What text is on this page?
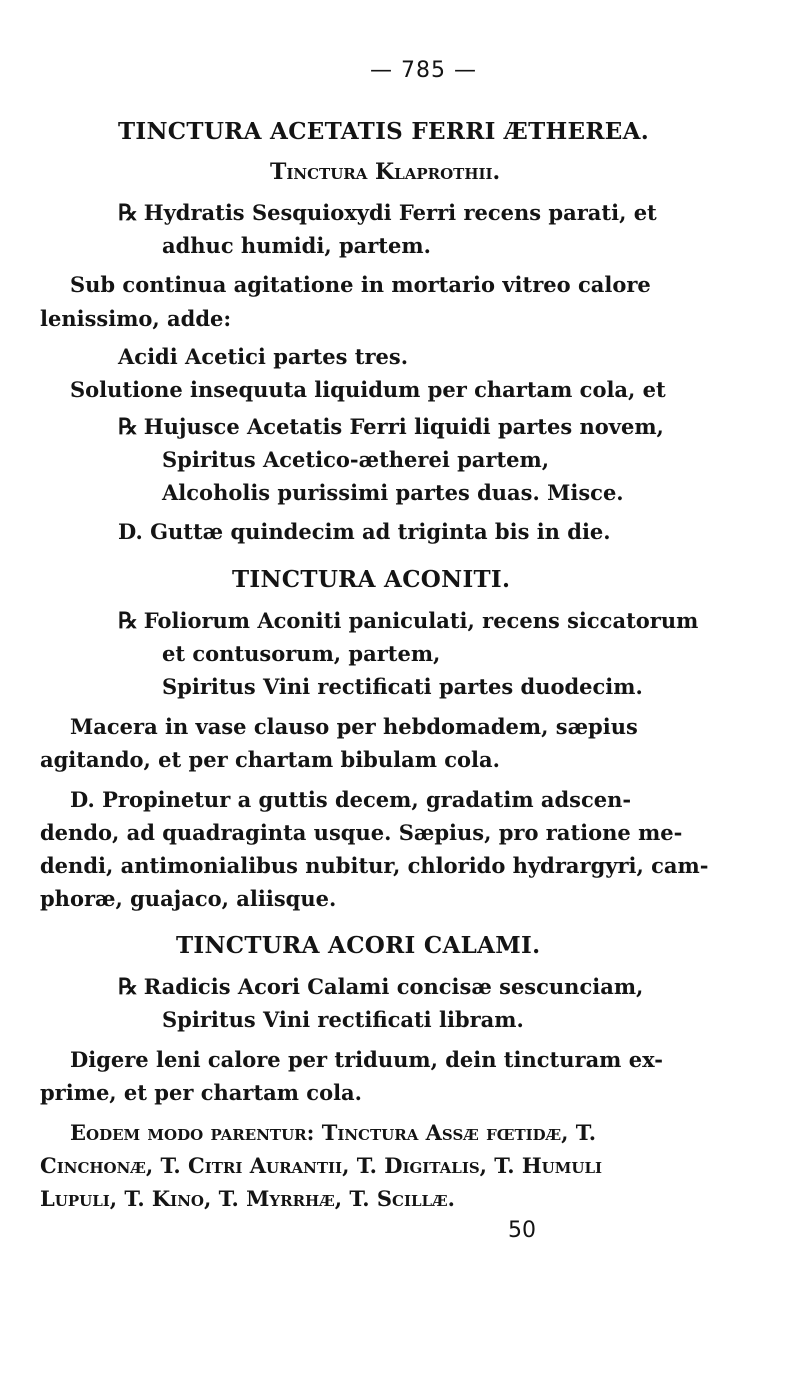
— 785 —
TINCTURA ACETATIS FERRI ÆTHEREA.
Tinctura Klaprothii.
℞ Hydratis Sesquioxydi Ferri recens parati, et
adhuc humidi, partem.
Sub continua agitatione in mortario vitreo calore
lenissimo, adde:
Acidi Acetici partes tres.
Solutione insequuta liquidum per chartam cola, et
℞ Hujusce Acetatis Ferri liquidi partes novem,
Spiritus Acetico-ætherei partem,
Alcoholis purissimi partes duas. Misce.
D. Guttæ quindecim ad triginta bis in die.
TINCTURA ACONITI.
℞ Foliorum Aconiti paniculati, recens siccatorum
et contusorum, partem,
Spiritus Vini rectificati partes duodecim.
Macera in vase clauso per hebdomadem, sæpius
agitando, et per chartam bibulam cola.
D. Propinetur a guttis decem, gradatim adscen-
dendo, ad quadraginta usque. Sæpius, pro ratione me-
dendi, antimonialibus nubitur, chlorido hydrargyri, cam-
phoræ, guajaco, aliisque.
TINCTURA ACORI CALAMI.
℞ Radicis Acori Calami concisæ sescunciam,
Spiritus Vini rectificati libram.
Digere leni calore per triduum, dein tincturam ex-
prime, et per chartam cola.
Eodem modo parentur: Tinctura Assæ fœtidæ, T.
Cinchonæ, T. Citri Aurantii, T. Digitalis, T. Humuli
Lupuli, T. Kino, T. Myrrhæ, T. Scillæ.
50
